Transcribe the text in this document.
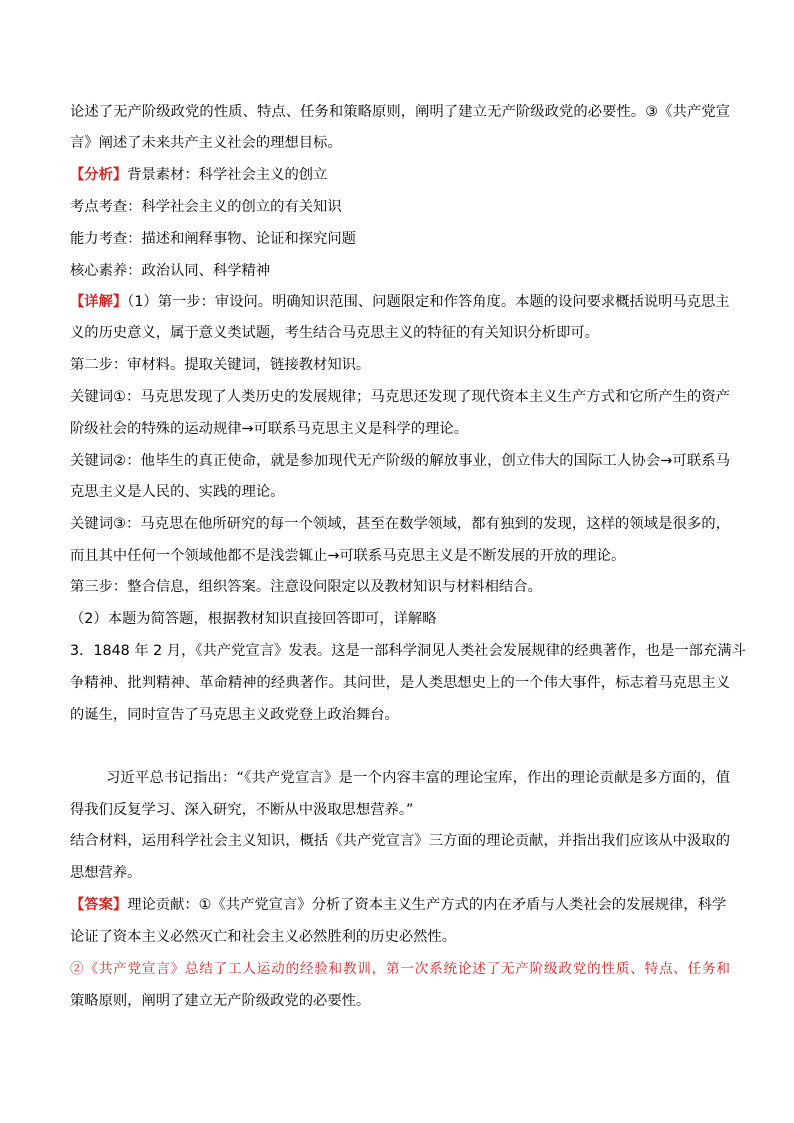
论述了无产阶级政党的性质、特点、任务和策略原则，阐明了建立无产阶级政党的必要性。③《共产党宣
言》阐述了未来共产主义社会的理想目标。
【分析】背景素材：科学社会主义的创立
考点考查：科学社会主义的创立的有关知识
能力考查：描述和阐释事物、论证和探究问题
核心素养：政治认同、科学精神
【详解】（1）第一步：审设问。明确知识范围、问题限定和作答角度。本题的设问要求概括说明马克思主
义的历史意义，属于意义类试题，考生结合马克思主义的特征的有关知识分析即可。
第二步：审材料。提取关键词，链接教材知识。
关键词①：马克思发现了人类历史的发展规律；马克思还发现了现代资本主义生产方式和它所产生的资产
阶级社会的特殊的运动规律→可联系马克思主义是科学的理论。
关键词②：他毕生的真正使命，就是参加现代无产阶级的解放事业，创立伟大的国际工人协会→可联系马
克思主义是人民的、实践的理论。
关键词③：马克思在他所研究的每一个领域，甚至在数学领域，都有独到的发现，这样的领域是很多的，
而且其中任何一个领域他都不是浅尝辄止→可联系马克思主义是不断发展的开放的理论。
第三步：整合信息，组织答案。注意设问限定以及教材知识与材料相结合。
（2）本题为简答题，根据教材知识直接回答即可，详解略
3．1848 年 2 月，《共产党宣言》发表。这是一部科学洞见人类社会发展规律的经典著作，也是一部充满斗
争精神、批判精神、革命精神的经典著作。其问世，是人类思想史上的一个伟大事件，标志着马克思主义
的诞生，同时宣告了马克思主义政党登上政治舞台。
习近平总书记指出：“《共产党宣言》是一个内容丰富的理论宝库，作出的理论贡献是多方面的，值
得我们反复学习、深入研究，不断从中汲取思想营养。”
结合材料，运用科学社会主义知识，概括《共产党宣言》三方面的理论贡献，并指出我们应该从中汲取的
思想营养。
【答案】理论贡献：①《共产党宣言》分析了资本主义生产方式的内在矛盾与人类社会的发展规律，科学
论证了资本主义必然灭亡和社会主义必然胜利的历史必然性。
②《共产党宣言》总结了工人运动的经验和教训，第一次系统论述了无产阶级政党的性质、特点、任务和
策略原则，阐明了建立无产阶级政党的必要性。
